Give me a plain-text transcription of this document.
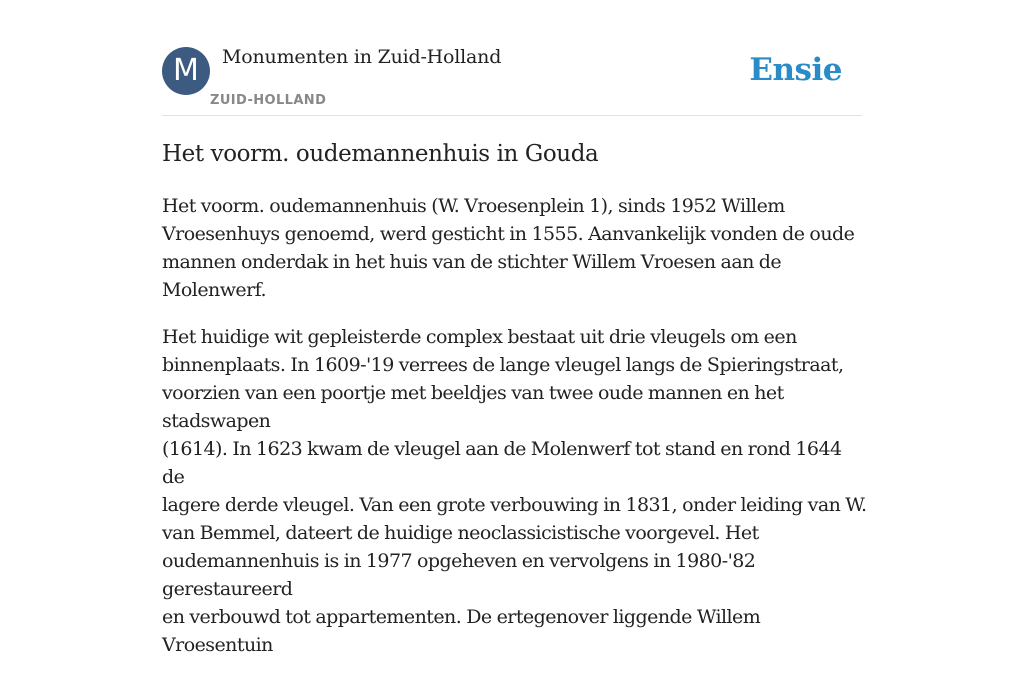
M	Monumenten in Zuid-Holland
ZUID-HOLLAND
Ensie
Het voorm. oudemannenhuis in Gouda

Het voorm. oudemannenhuis (W. Vroesenplein 1), sinds 1952 Willem
Vroesenhuys genoemd, werd gesticht in 1555. Aanvankelijk vonden de oude
mannen onderdak in het huis van de stichter Willem Vroesen aan de Molenwerf.

Het huidige wit gepleisterde complex bestaat uit drie vleugels om een
binnenplaats. In 1609-'19 verrees de lange vleugel langs de Spieringstraat,
voorzien van een poortje met beeldjes van twee oude mannen en het stadswapen
(1614). In 1623 kwam de vleugel aan de Molenwerf tot stand en rond 1644 de
lagere derde vleugel. Van een grote verbouwing in 1831, onder leiding van W.
van Bemmel, dateert de huidige neoclassicistische voorgevel. Het
oudemannenhuis is in 1977 opgeheven en vervolgens in 1980-'82 gerestaureerd
en verbouwd tot appartementen. De ertegenover liggende Willem Vroesentuin
